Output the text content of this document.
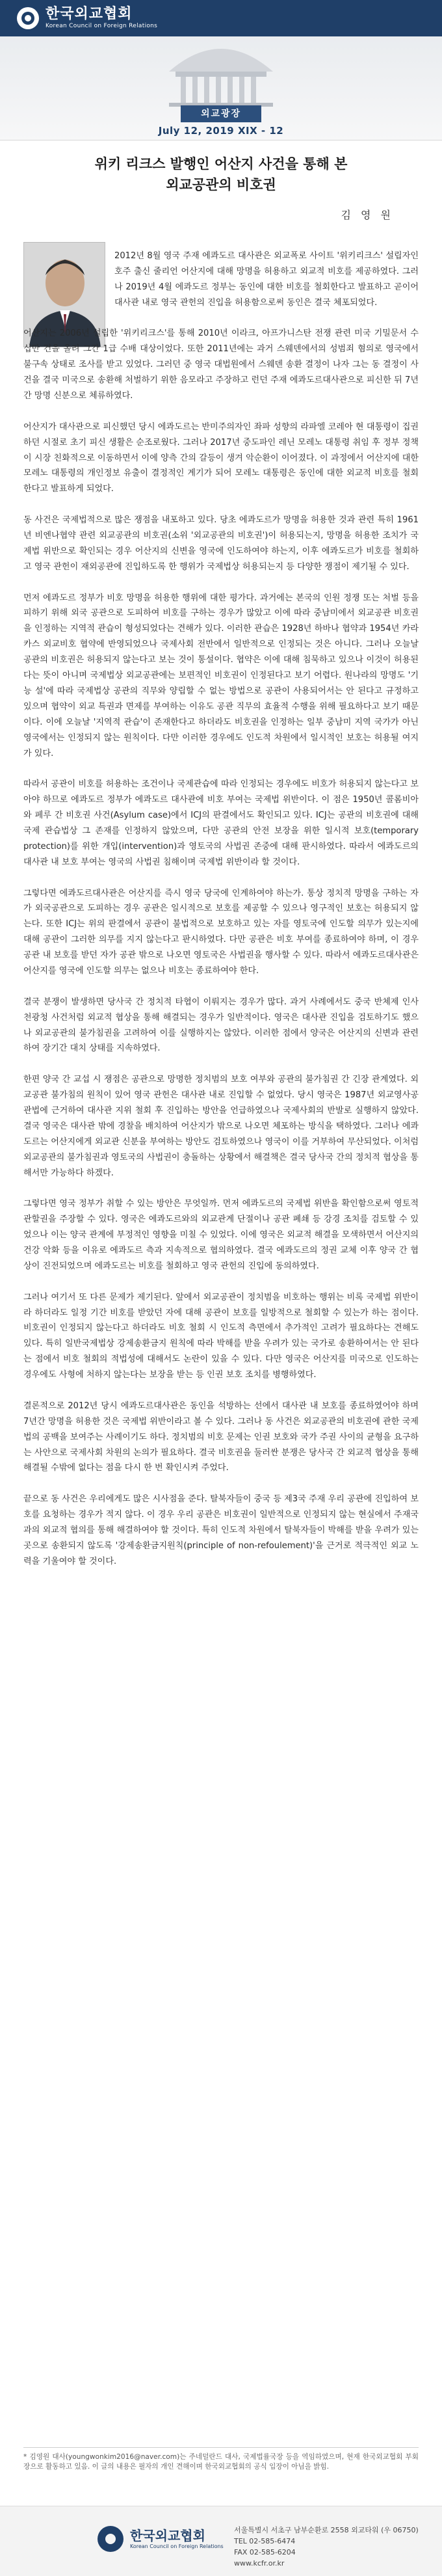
한국외교협회
Korean Council on Foreign Relations
외교광장
July 12, 2019 XIX - 12
위키 리크스 발행인 어산지 사건을 통해 본
외교공관의 비호권
김 영 원

2012년 8월 영국 주재 에콰도르 대사관은 외교폭로 사이트 '위키리크스' 설립자인 호주 출신 줄리언 어산지에 대해 망명을 허용하고 외교적 비호를 제공하였다. 그러나 2019년 4월 에콰도르 정부는 동인에 대한 비호를 철회한다고 발표하고 곧이어 대사관 내로 영국 관헌의 진입을 허용함으로써 동인은 결국 체포되었다.

어산지는 2006년 설립한 '위키리크스'를 통해 2010년 이라크, 아프가니스탄 전쟁 관련 미국 기밀문서 수십만 건을 올려 그간 1급 수배 대상이었다. 또한 2011년에는 과거 스웨덴에서의 성범죄 혐의로 영국에서 불구속 상태로 조사를 받고 있었다. 그러던 중 영국 대법원에서 스웨덴 송환 결정이 나자 그는 동 결정이 사건을 결국 미국으로 송환해 처벌하기 위한 음모라고 주장하고 런던 주재 에콰도르대사관으로 피신한 뒤 7년간 망명 신분으로 체류하였다.

어산지가 대사관으로 피신했던 당시 에콰도르는 반미주의자인 좌파 성향의 라파엘 코레아 현 대통령이 집권하던 시절로 초기 피신 생활은 순조로웠다. 그러나 2017년 중도파인 레닌 모레노 대통령 취임 후 정부 정책이 시장 친화적으로 이동하면서 이에 양측 간의 갈등이 생겨 악순환이 이어졌다. 이 과정에서 어산지에 대한 모레노 대통령의 개인정보 유출이 결정적인 계기가 되어 모레노 대통령은 동인에 대한 외교적 비호를 철회한다고 발표하게 되었다.

동 사건은 국제법적으로 많은 쟁점을 내포하고 있다. 당초 에콰도르가 망명을 허용한 것과 관련 특히 1961년 비엔나협약 관련 외교공관의 비호권(소위 '외교공관의 비호권')이 허용되는지, 망명을 허용한 조치가 국제법 위반으로 확인되는 경우 어산지의 신변을 영국에 인도하여야 하는지, 이후 에콰도르가 비호를 철회하고 영국 관헌이 재외공관에 진입하도록 한 행위가 국제법상 허용되는지 등 다양한 쟁점이 제기될 수 있다.

먼저 에콰도르 정부가 비호 망명을 허용한 행위에 대한 평가다. 과거에는 본국의 인원 정쟁 또는 처벌 등을 피하기 위해 외국 공관으로 도피하여 비호를 구하는 경우가 많았고 이에 따라 중남미에서 외교공관 비호권을 인정하는 지역적 관습이 형성되었다는 견해가 있다. 이러한 관습은 1928년 하바나 협약과 1954년 카라카스 외교비호 협약에 반영되었으나 국제사회 전반에서 일반적으로 인정되는 것은 아니다. 그러나 오늘날 공관의 비호권은 허용되지 않는다고 보는 것이 통설이다. 협약은 이에 대해 침묵하고 있으나 이것이 허용된다는 뜻이 아니며 국제법상 외교공관에는 보편적인 비호권이 인정된다고 보기 어렵다. 원나라의 망명도 '기능 설'에 따라 국제법상 공관의 직무와 양립할 수 없는 방법으로 공관이 사용되어서는 안 된다고 규정하고 있으며 협약이 외교 특권과 면제를 부여하는 이유도 공관 직무의 효율적 수행을 위해 필요하다고 보기 때문이다. 이에 오늘날 '지역적 관습'이 존재한다고 하더라도 비호권을 인정하는 일부 중남미 지역 국가가 아닌 영국에서는 인정되지 않는 원칙이다. 다만 이러한 경우에도 인도적 차원에서 일시적인 보호는 허용될 여지가 있다.

따라서 공관이 비호를 허용하는 조건이나 국제관습에 따라 인정되는 경우에도 비호가 허용되지 않는다고 보아야 하므로 에콰도르 정부가 에콰도르 대사관에 비호 부여는 국제법 위반이다. 이 점은 1950년 콜롬비아와 페루 간 비호권 사건(Asylum case)에서 ICJ의 판결에서도 확인되고 있다. ICJ는 공관의 비호권에 대해 국제 관습법상 그 존재를 인정하지 않았으며, 다만 공관의 안전 보장을 위한 일시적 보호(temporary protection)를 위한 개입(intervention)과 영토국의 사법권 존중에 대해 판시하였다. 따라서 에콰도르의 대사관 내 보호 부여는 영국의 사법권 침해이며 국제법 위반이라 할 것이다.

그렇다면 에콰도르대사관은 어산지를 즉시 영국 당국에 인계하여야 하는가. 통상 정치적 망명을 구하는 자가 외국공관으로 도피하는 경우 공관은 일시적으로 보호를 제공할 수 있으나 영구적인 보호는 허용되지 않는다. 또한 ICJ는 위의 판결에서 공관이 불법적으로 보호하고 있는 자를 영토국에 인도할 의무가 있는지에 대해 공관이 그러한 의무를 지지 않는다고 판시하였다. 다만 공관은 비호 부여를 종료하여야 하며, 이 경우 공관 내 보호를 받던 자가 공관 밖으로 나오면 영토국은 사법권을 행사할 수 있다. 따라서 에콰도르대사관은 어산지를 영국에 인도할 의무는 없으나 비호는 종료하여야 한다.

결국 분쟁이 발생하면 당사국 간 정치적 타협이 이뤄지는 경우가 많다. 과거 사례에서도 중국 반체제 인사 천광청 사건처럼 외교적 협상을 통해 해결되는 경우가 일반적이다. 영국은 대사관 진입을 검토하기도 했으나 외교공관의 불가침권을 고려하여 이를 실행하지는 않았다. 이러한 점에서 양국은 어산지의 신변과 관련하여 장기간 대치 상태를 지속하였다.

한편 양국 간 교섭 시 쟁점은 공관으로 망명한 정치범의 보호 여부와 공관의 불가침권 간 긴장 관계였다. 외교공관 불가침의 원칙이 있어 영국 관헌은 대사관 내로 진입할 수 없었다. 당시 영국은 1987년 외교영사공관법에 근거하여 대사관 지위 철회 후 진입하는 방안을 언급하였으나 국제사회의 반발로 실행하지 않았다. 결국 영국은 대사관 밖에 경찰을 배치하여 어산지가 밖으로 나오면 체포하는 방식을 택하였다. 그러나 에콰도르는 어산지에게 외교관 신분을 부여하는 방안도 검토하였으나 영국이 이를 거부하여 무산되었다. 이처럼 외교공관의 불가침권과 영토국의 사법권이 충돌하는 상황에서 해결책은 결국 당사국 간의 정치적 협상을 통해서만 가능하다 하겠다.

그렇다면 영국 정부가 취할 수 있는 방안은 무엇일까. 먼저 에콰도르의 국제법 위반을 확인함으로써 영토적 관할권을 주장할 수 있다. 영국은 에콰도르와의 외교관계 단절이나 공관 폐쇄 등 강경 조치를 검토할 수 있었으나 이는 양국 관계에 부정적인 영향을 미칠 수 있었다. 이에 영국은 외교적 해결을 모색하면서 어산지의 건강 악화 등을 이유로 에콰도르 측과 지속적으로 협의하였다. 결국 에콰도르의 정권 교체 이후 양국 간 협상이 진전되었으며 에콰도르는 비호를 철회하고 영국 관헌의 진입에 동의하였다.

그러나 여기서 또 다른 문제가 제기된다. 앞에서 외교공관이 정치범을 비호하는 행위는 비록 국제법 위반이라 하더라도 일정 기간 비호를 받았던 자에 대해 공관이 보호를 일방적으로 철회할 수 있는가 하는 점이다. 비호권이 인정되지 않는다고 하더라도 비호 철회 시 인도적 측면에서 추가적인 고려가 필요하다는 견해도 있다. 특히 일반국제법상 강제송환금지 원칙에 따라 박해를 받을 우려가 있는 국가로 송환하여서는 안 된다는 점에서 비호 철회의 적법성에 대해서도 논란이 있을 수 있다. 다만 영국은 어산지를 미국으로 인도하는 경우에도 사형에 처하지 않는다는 보장을 받는 등 인권 보호 조치를 병행하였다.

결론적으로 2012년 당시 에콰도르대사관은 동인을 석방하는 선에서 대사관 내 보호를 종료하였어야 하며 7년간 망명을 허용한 것은 국제법 위반이라고 볼 수 있다. 그러나 동 사건은 외교공관의 비호권에 관한 국제법의 공백을 보여주는 사례이기도 하다. 정치범의 비호 문제는 인권 보호와 국가 주권 사이의 균형을 요구하는 사안으로 국제사회 차원의 논의가 필요하다. 결국 비호권을 둘러싼 분쟁은 당사국 간 외교적 협상을 통해 해결될 수밖에 없다는 점을 다시 한 번 확인시켜 주었다.

끝으로 동 사건은 우리에게도 많은 시사점을 준다. 탈북자들이 중국 등 제3국 주재 우리 공관에 진입하여 보호를 요청하는 경우가 적지 않다. 이 경우 우리 공관은 비호권이 일반적으로 인정되지 않는 현실에서 주재국과의 외교적 협의를 통해 해결하여야 할 것이다. 특히 인도적 차원에서 탈북자들이 박해를 받을 우려가 있는 곳으로 송환되지 않도록 '강제송환금지원칙(principle of non-refoulement)'을 근거로 적극적인 외교 노력을 기울여야 할 것이다.

* 김영원 대사(youngwonkim2016@naver.com)는 주네덜란드 대사, 국제법률국장 등을 역임하였으며, 현재 한국외교협회 부회장으로 활동하고 있음. 이 글의 내용은 필자의 개인 견해이며 한국외교협회의 공식 입장이 아님을 밝힘.
한국외교협회
Korean Council on Foreign Relations
서울특별시 서초구 남부순환로 2558 외교타워 (우 06750)
TEL 02-585-6474
FAX 02-585-6204
www.kcfr.or.kr
